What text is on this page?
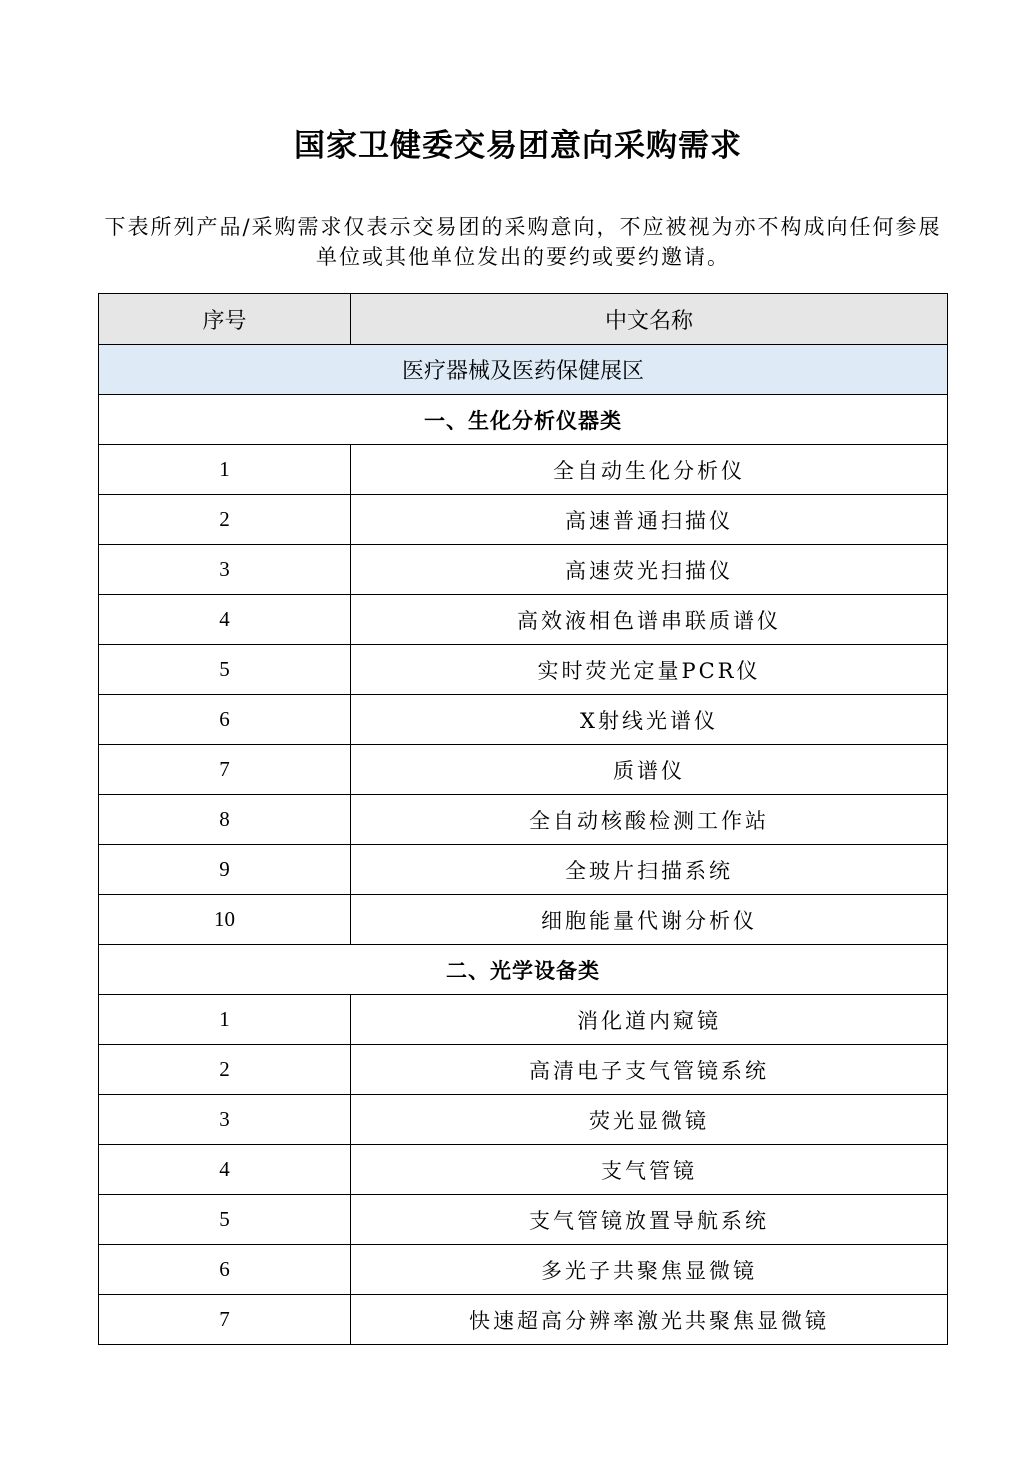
国家卫健委交易团意向采购需求
下表所列产品/采购需求仅表示交易团的采购意向，不应被视为亦不构成向任何参展单位或其他单位发出的要约或要约邀请。
序号	中文名称
医疗器械及医药保健展区	
一、生化分析仪器类	
1	全自动生化分析仪
2	高速普通扫描仪
3	高速荧光扫描仪
4	高效液相色谱串联质谱仪
5	实时荧光定量PCR仪
6	X射线光谱仪
7	质谱仪
8	全自动核酸检测工作站
9	全玻片扫描系统
10	细胞能量代谢分析仪
二、光学设备类	
1	消化道内窥镜
2	高清电子支气管镜系统
3	荧光显微镜
4	支气管镜
5	支气管镜放置导航系统
6	多光子共聚焦显微镜
7	快速超高分辨率激光共聚焦显微镜
